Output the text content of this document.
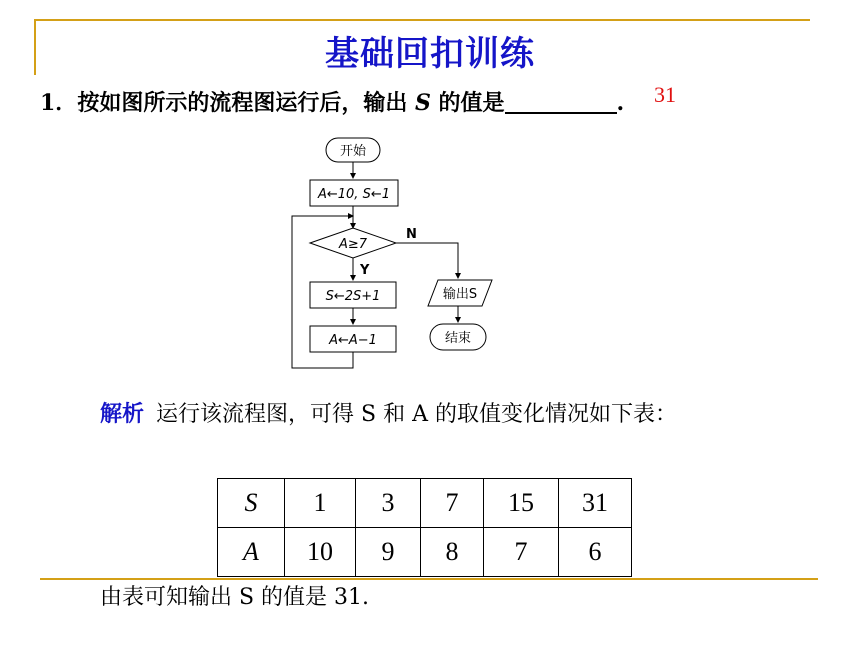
基础回扣训练
1．按如图所示的流程图运行后，输出 S 的值是	. 31
开始
A←10, S←1
A≥7
Y
N
S←2S+1
A←A−1
输出S
结束
解析 运行该流程图，可得 S 和 A 的取值变化情况如下表：
S	1	3	7	15	31
A	10	9	8	7	6
由表可知输出 S 的值是 31.
